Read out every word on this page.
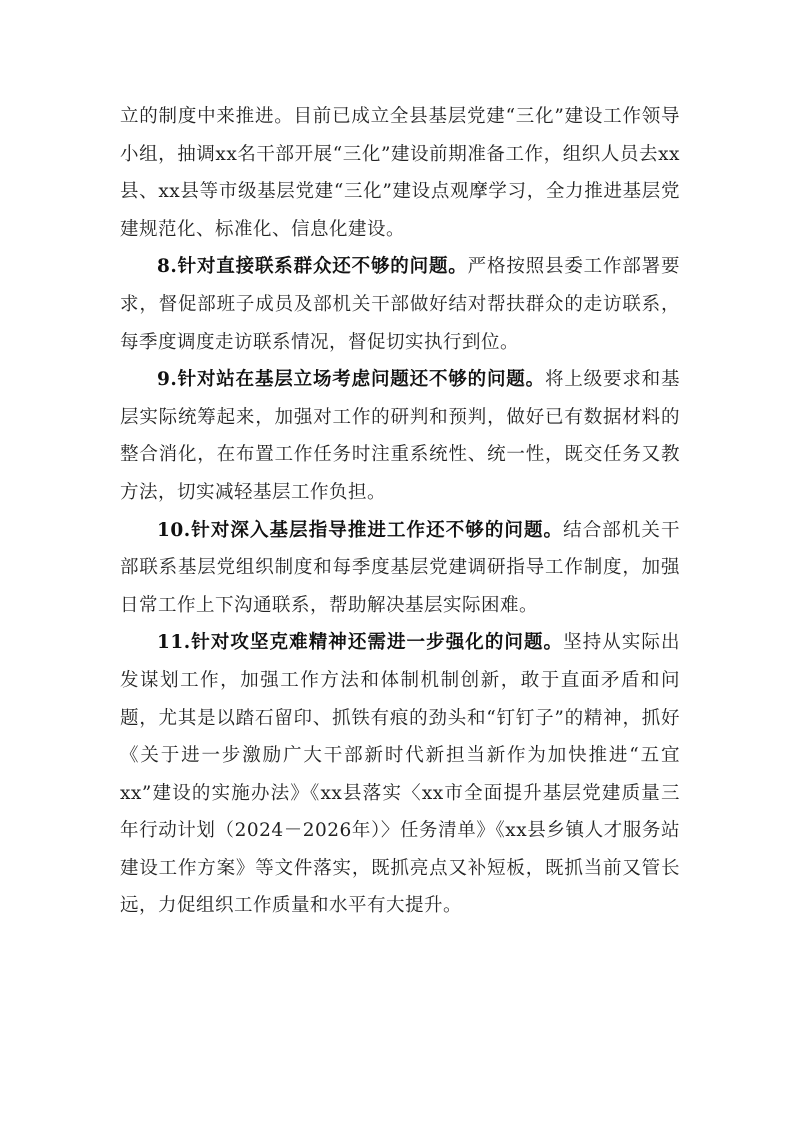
立的制度中来推进。目前已成立全县基层党建“三化”建设工作领导小组，抽调xx名干部开展“三化”建设前期准备工作，组织人员去xx县、xx县等市级基层党建“三化”建设点观摩学习，全力推进基层党建规范化、标准化、信息化建设。

8.针对直接联系群众还不够的问题。严格按照县委工作部署要求，督促部班子成员及部机关干部做好结对帮扶群众的走访联系，每季度调度走访联系情况，督促切实执行到位。

9.针对站在基层立场考虑问题还不够的问题。将上级要求和基层实际统筹起来，加强对工作的研判和预判，做好已有数据材料的整合消化，在布置工作任务时注重系统性、统一性，既交任务又教方法，切实减轻基层工作负担。

10.针对深入基层指导推进工作还不够的问题。结合部机关干部联系基层党组织制度和每季度基层党建调研指导工作制度，加强日常工作上下沟通联系，帮助解决基层实际困难。

11.针对攻坚克难精神还需进一步强化的问题。坚持从实际出发谋划工作，加强工作方法和体制机制创新，敢于直面矛盾和问题，尤其是以踏石留印、抓铁有痕的劲头和“钉钉子”的精神，抓好《关于进一步激励广大干部新时代新担当新作为加快推进“五宜xx”建设的实施办法》《xx县落实〈xx市全面提升基层党建质量三年行动计划（2024－2026年）〉任务清单》《xx县乡镇人才服务站建设工作方案》等文件落实，既抓亮点又补短板，既抓当前又管长远，力促组织工作质量和水平有大提升。
